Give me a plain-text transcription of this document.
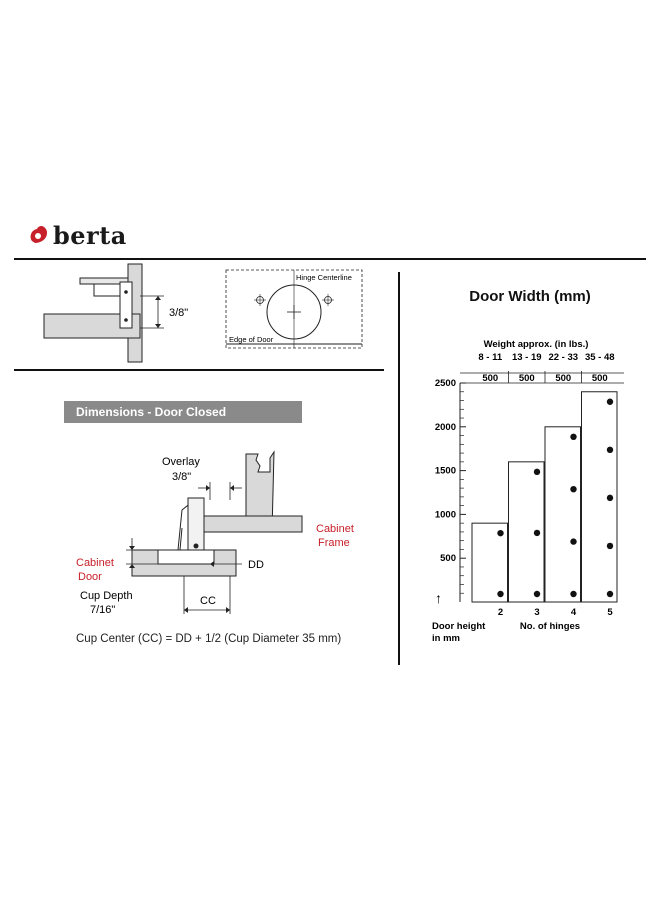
berta
3/8"
Hinge Centerline
Edge of Door
Dimensions - Door Closed
Overlay
3/8"
Cabinet
Frame
Cabinet
Door
DD
Cup Depth
7/16"
CC
Cup Center (CC) = DD + 1/2 (Cup Diameter 35 mm)
Door Width (mm)
Weight approx. (in lbs.)
500
1000
1500
2000
2500
2	3	4	5
8 - 11
500
13 - 19
500
22 - 33
500
35 - 48
500
↑
Door height
in mm
No. of hinges
